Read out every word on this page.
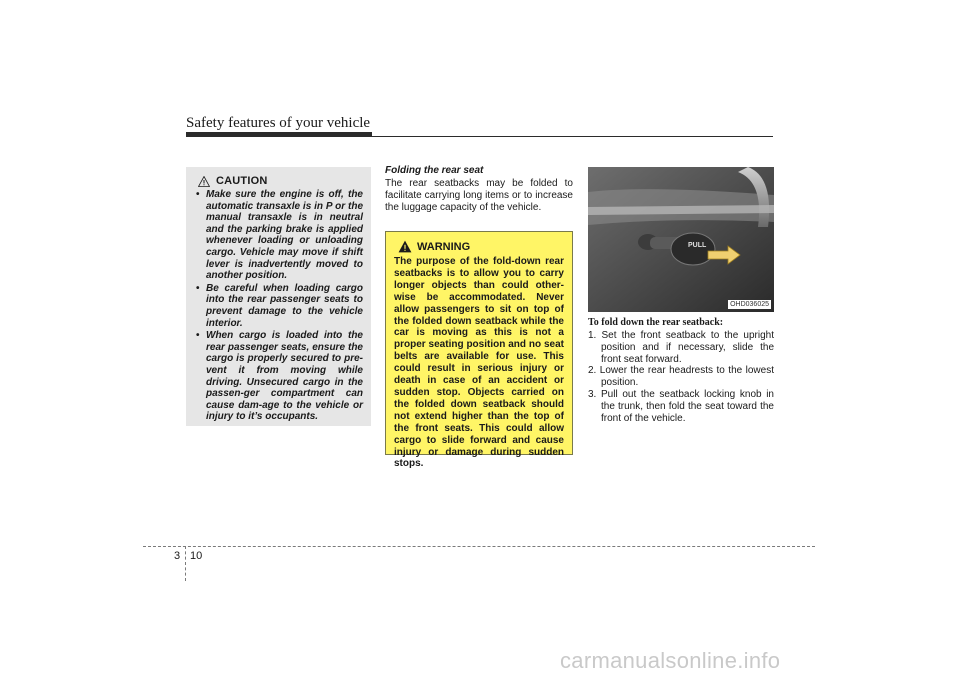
Safety features of your vehicle
CAUTION
• Make sure the engine is off, the automatic transaxle is in P or the manual transaxle is in neutral and the parking brake is applied whenever loading or unloading cargo. Vehicle may move if shift lever is inadvertently moved to another position.
• Be careful when loading cargo into the rear passenger seats to prevent damage to the vehicle interior.
• When cargo is loaded into the rear passenger seats, ensure the cargo is properly secured to pre-vent it from moving while driving. Unsecured cargo in the passen-ger compartment can cause dam-age to the vehicle or injury to it’s occupants.
Folding the rear seat

The rear seatbacks may be folded to facilitate carrying long items or to increase the luggage capacity of the vehicle.

WARNING

The purpose of the fold-down rear seatbacks is to allow you to carry longer objects than could other-wise be accommodated. Never allow passengers to sit on top of the folded down seatback while the car is moving as this is not a proper seating position and no seat belts are available for use. This could result in serious injury or death in case of an accident or sudden stop. Objects carried on the folded down seatback should not extend higher than the top of the front seats. This could allow cargo to slide forward and cause injury or damage during sudden stops.

PULL
OHD036025
To fold down the rear seatback:
1. Set the front seatback to the upright position and if necessary, slide the front seat forward.
2. Lower the rear headrests to the lowest position.
3. Pull out the seatback locking knob in the trunk, then fold the seat toward the front of the vehicle.
3 10
carmanualsonline.info
